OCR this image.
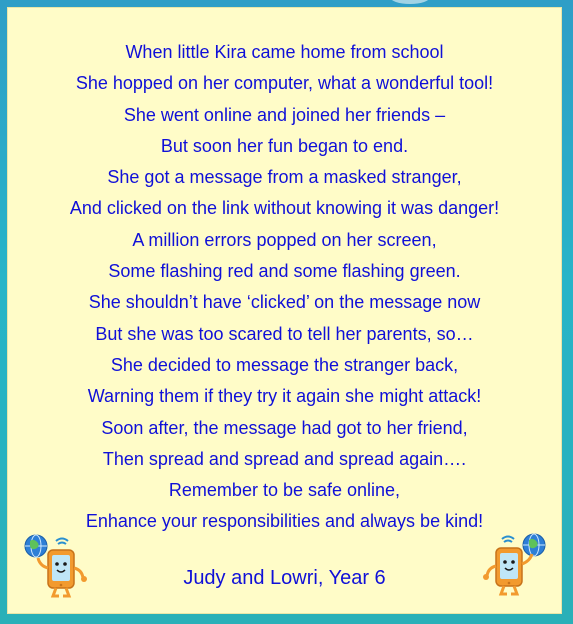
When little Kira came home from school
She hopped on her computer, what a wonderful tool!
She went online and joined her friends –
But soon her fun began to end.
She got a message from a masked stranger,
And clicked on the link without knowing it was danger!
A million errors popped on her screen,
Some flashing red and some flashing green.
She shouldn’t have ‘clicked’ on the message now
But she was too scared to tell her parents, so…
She decided to message the stranger back,
Warning them if they try it again she might attack!
Soon after, the message had got to her friend,
Then spread and spread and spread again….
Remember to be safe online,
Enhance your responsibilities and always be kind!
Judy and Lowri, Year 6
